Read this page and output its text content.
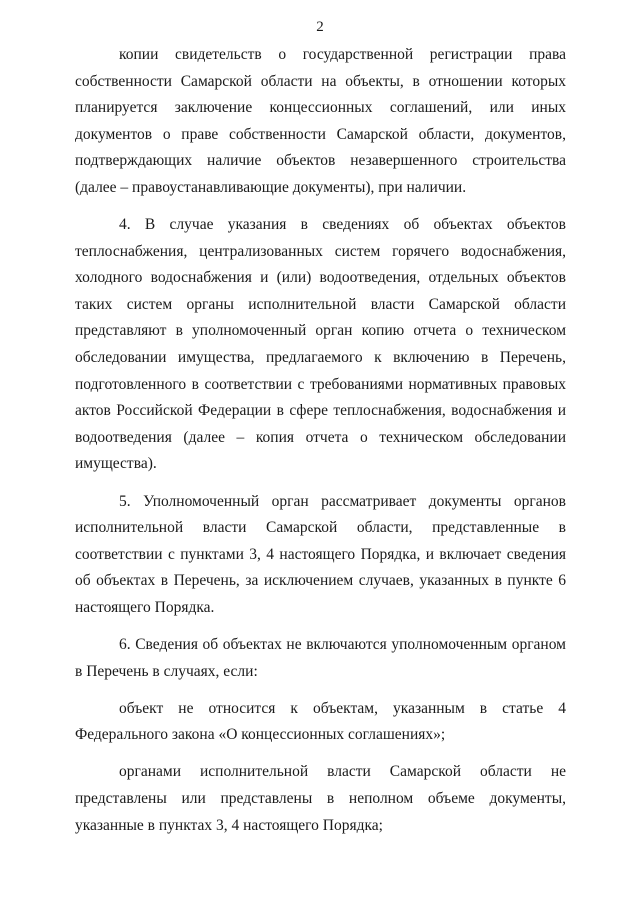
2

копии свидетельств о государственной регистрации права собственности Самарской области на объекты, в отношении которых планируется заключение концессионных соглашений, или иных документов о праве собственности Самарской области, документов, подтверждающих наличие объектов незавершенного строительства (далее – правоустанавливающие документы), при наличии.

4. В случае указания в сведениях об объектах объектов теплоснабжения, централизованных систем горячего водоснабжения, холодного водоснабжения и (или) водоотведения, отдельных объектов таких систем органы исполнительной власти Самарской области представляют в уполномоченный орган копию отчета о техническом обследовании имущества, предлагаемого к включению в Перечень, подготовленного в соответствии с требованиями нормативных правовых актов Российской Федерации в сфере теплоснабжения, водоснабжения и водоотведения (далее – копия отчета о техническом обследовании имущества).

5. Уполномоченный орган рассматривает документы органов исполнительной власти Самарской области, представленные в соответствии с пунктами 3, 4 настоящего Порядка, и включает сведения об объектах в Перечень, за исключением случаев, указанных в пункте 6 настоящего Порядка.

6. Сведения об объектах не включаются уполномоченным органом в Перечень в случаях, если:

объект не относится к объектам, указанным в статье 4 Федерального закона «О концессионных соглашениях»;

органами исполнительной власти Самарской области не представлены или представлены в неполном объеме документы, указанные в пунктах 3, 4 настоящего Порядка;
